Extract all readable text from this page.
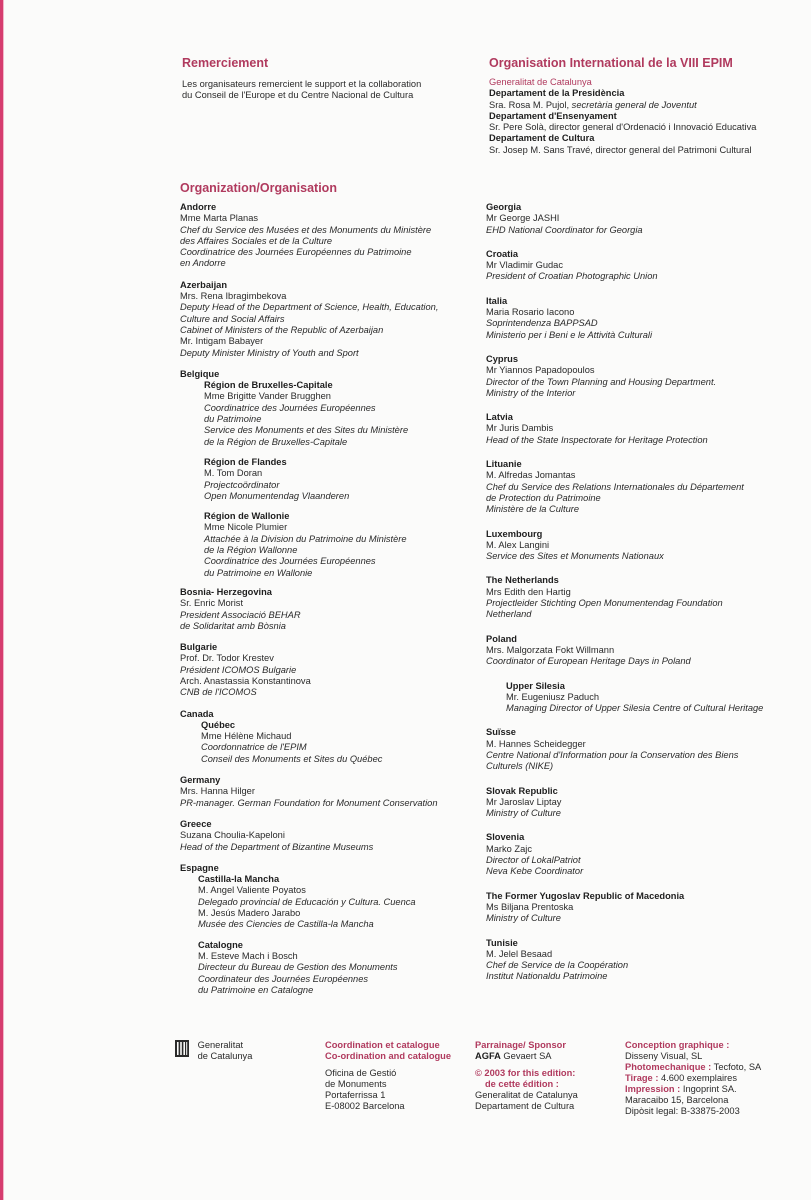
Remerciement
Les organisateurs remercient le support et la collaboration
du Conseil de l'Europe et du Centre Nacional de Cultura
Organisation International de la VIII EPIM
Generalitat de Catalunya
Departament de la Presidència
Sra. Rosa M. Pujol, secretària general de Joventut
Departament d'Ensenyament
Sr. Pere Solà, director general d'Ordenació i Innovació Educativa
Departament de Cultura
Sr. Josep M. Sans Travé, director general del Patrimoni Cultural
Organization/Organisation
Andorre
Mme Marta Planas
Chef du Service des Musées et des Monuments du Ministère
des Affaires Sociales et de la Culture
Coordinatrice des Journées Européennes du Patrimoine
en Andorre
Azerbaijan
Mrs. Rena Ibragimbekova
Deputy Head of the Department of Science, Health, Education,
Culture and Social Affairs
Cabinet of Ministers of the Republic of Azerbaijan
Mr. Intigam Babayer
Deputy Minister Ministry of Youth and Sport
Belgique
Région de Bruxelles-Capitale
Mme Brigitte Vander Brugghen
Coordinatrice des Journées Européennes
du Patrimoine
Service des Monuments et des Sites du Ministère
de la Région de Bruxelles-Capitale
Région de Flandes
M. Tom Doran
Projectcoördinator
Open Monumentendag Vlaanderen
Région de Wallonie
Mme Nicole Plumier
Attachée à la Division du Patrimoine du Ministère
de la Région Wallonne
Coordinatrice des Journées Européennes
du Patrimoine en Wallonie
Bosnia- Herzegovina
Sr. Enric Morist
President Associació BEHAR
de Solidaritat amb Bòsnia
Bulgarie
Prof. Dr. Todor Krestev
Président ICOMOS Bulgarie
Arch. Anastassia Konstantinova
CNB de l'ICOMOS
Canada
Québec
Mme Hélène Michaud
Coordonnatrice de l'EPIM
Conseil des Monuments et Sites du Québec
Germany
Mrs. Hanna Hilger
PR-manager. German Foundation for Monument Conservation
Greece
Suzana Choulia-Kapeloni
Head of the Department of Bizantine Museums
Espagne
Castilla-la Mancha
M. Angel Valiente Poyatos
Delegado provincial de Educación y Cultura. Cuenca
M. Jesús Madero Jarabo
Musée des Ciencies de Castilla-la Mancha
Catalogne
M. Esteve Mach i Bosch
Directeur du Bureau de Gestion des Monuments
Coordinateur des Journées Européennes
du Patrimoine en Catalogne
Georgia
Mr George JASHI
EHD National Coordinator for Georgia
Croatia
Mr Vladimir Gudac
President of Croatian Photographic Union
Italia
Maria Rosario Iacono
Soprintendenza BAPPSAD
Ministerio per i Beni e le Attività Culturali
Cyprus
Mr Yiannos Papadopoulos
Director of the Town Planning and Housing Department.
Ministry of the Interior
Latvia
Mr Juris Dambis
Head of the State Inspectorate for Heritage Protection
Lituanie
M. Alfredas Jomantas
Chef du Service des Relations Internationales du Département
de Protection du Patrimoine
Ministère de la Culture
Luxembourg
M. Alex Langini
Service des Sites et Monuments Nationaux
The Netherlands
Mrs Edith den Hartig
Projectleider Stichting Open Monumentendag Foundation
Netherland
Poland
Mrs. Malgorzata Fokt Willmann
Coordinator of European Heritage Days in Poland
Upper Silesia
Mr. Eugeniusz Paduch
Managing Director of Upper Silesia Centre of Cultural Heritage
Suïsse
M. Hannes Scheidegger
Centre National d'Information pour la Conservation des Biens
Culturels (NIKE)
Slovak Republic
Mr Jaroslav Liptay
Ministry of Culture
Slovenia
Marko Zajc
Director of LokalPatriot
Neva Kebe Coordinator
The Former Yugoslav Republic of Macedonia
Ms Biljana Prentoska
Ministry of Culture
Tunisie
M. Jelel Besaad
Chef de Service de la Coopération
Institut Nationaldu Patrimoine

Generalitat
de Catalunya
Coordination et catalogue
Co-ordination and catalogue
Oficina de Gestió
de Monuments
Portaferrissa 1
E-08002 Barcelona
Parrainage/ Sponsor
AGFA Gevaert SA
© 2003 for this edition:
de cette édition :
Generalitat de Catalunya
Departament de Cultura
Conception graphique :
Disseny Visual, SL
Photomechanique : Tecfoto, SA
Tirage : 4.600 exemplaires
Impression : Ingoprint SA.
Maracaibo 15, Barcelona
Dipòsit legal: B-33875-2003
